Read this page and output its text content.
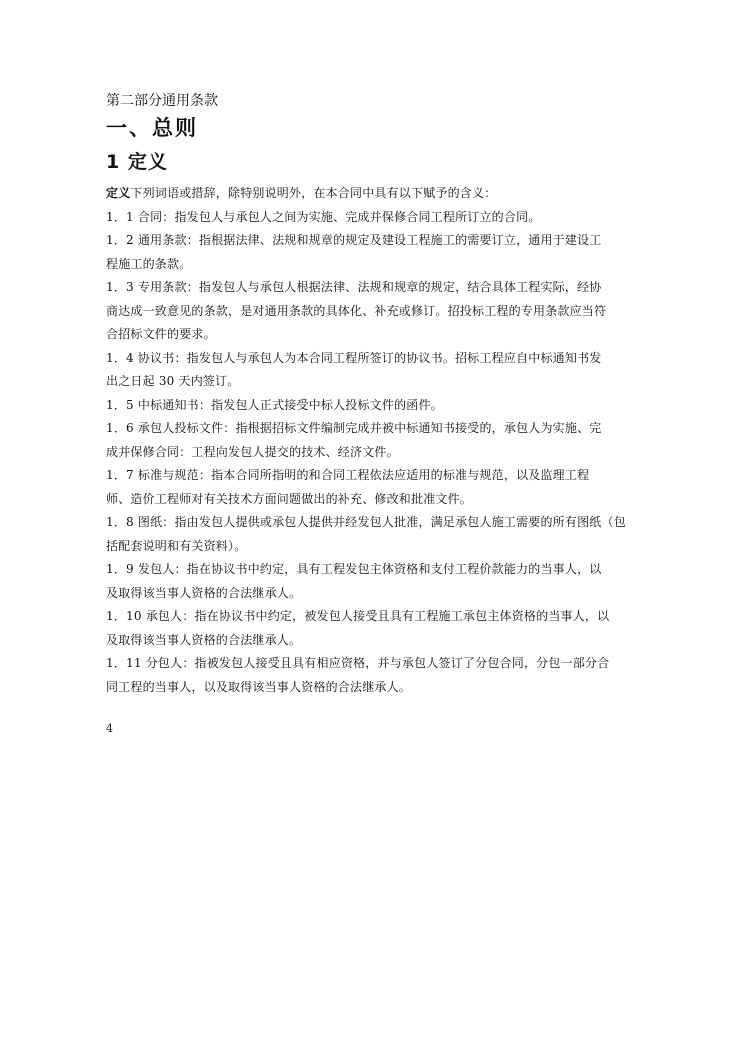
第二部分通用条款
一、总则
1 定义
定义下列词语或措辞，除特别说明外，在本合同中具有以下赋予的含义：
1．1 合同：指发包人与承包人之间为实施、完成并保修合同工程所订立的合同。
1．2 通用条款：指根据法律、法规和规章的规定及建设工程施工的需要订立，通用于建设工
程施工的条款。
1．3 专用条款：指发包人与承包人根据法律、法规和规章的规定，结合具体工程实际，经协
商达成一致意见的条款，是对通用条款的具体化、补充或修订。招投标工程的专用条款应当符
合招标文件的要求。
1．4 协议书：指发包人与承包人为本合同工程所签订的协议书。招标工程应自中标通知书发
出之日起 30 天内签订。
1．5 中标通知书：指发包人正式接受中标人投标文件的函件。
1．6 承包人投标文件：指根据招标文件编制完成并被中标通知书接受的，承包人为实施、完
成并保修合同：工程向发包人提交的技术、经济文件。
1．7 标准与规范：指本合同所指明的和合同工程依法应适用的标准与规范，以及监理工程
师、造价工程师对有关技术方面问题做出的补充、修改和批准文件。
1．8 图纸：指由发包人提供或承包人提供并经发包人批准，满足承包人施工需要的所有图纸（包
括配套说明和有关资料）。
1．9 发包人：指在协议书中约定，具有工程发包主体资格和支付工程价款能力的当事人，以
及取得该当事人资格的合法继承人。
1．10 承包人：指在协议书中约定，被发包人接受且具有工程施工承包主体资格的当事人，以
及取得该当事人资格的合法继承人。
1．11 分包人：指被发包人接受且具有相应资格，并与承包人签订了分包合同，分包一部分合
同工程的当事人，以及取得该当事人资格的合法继承人。
4
